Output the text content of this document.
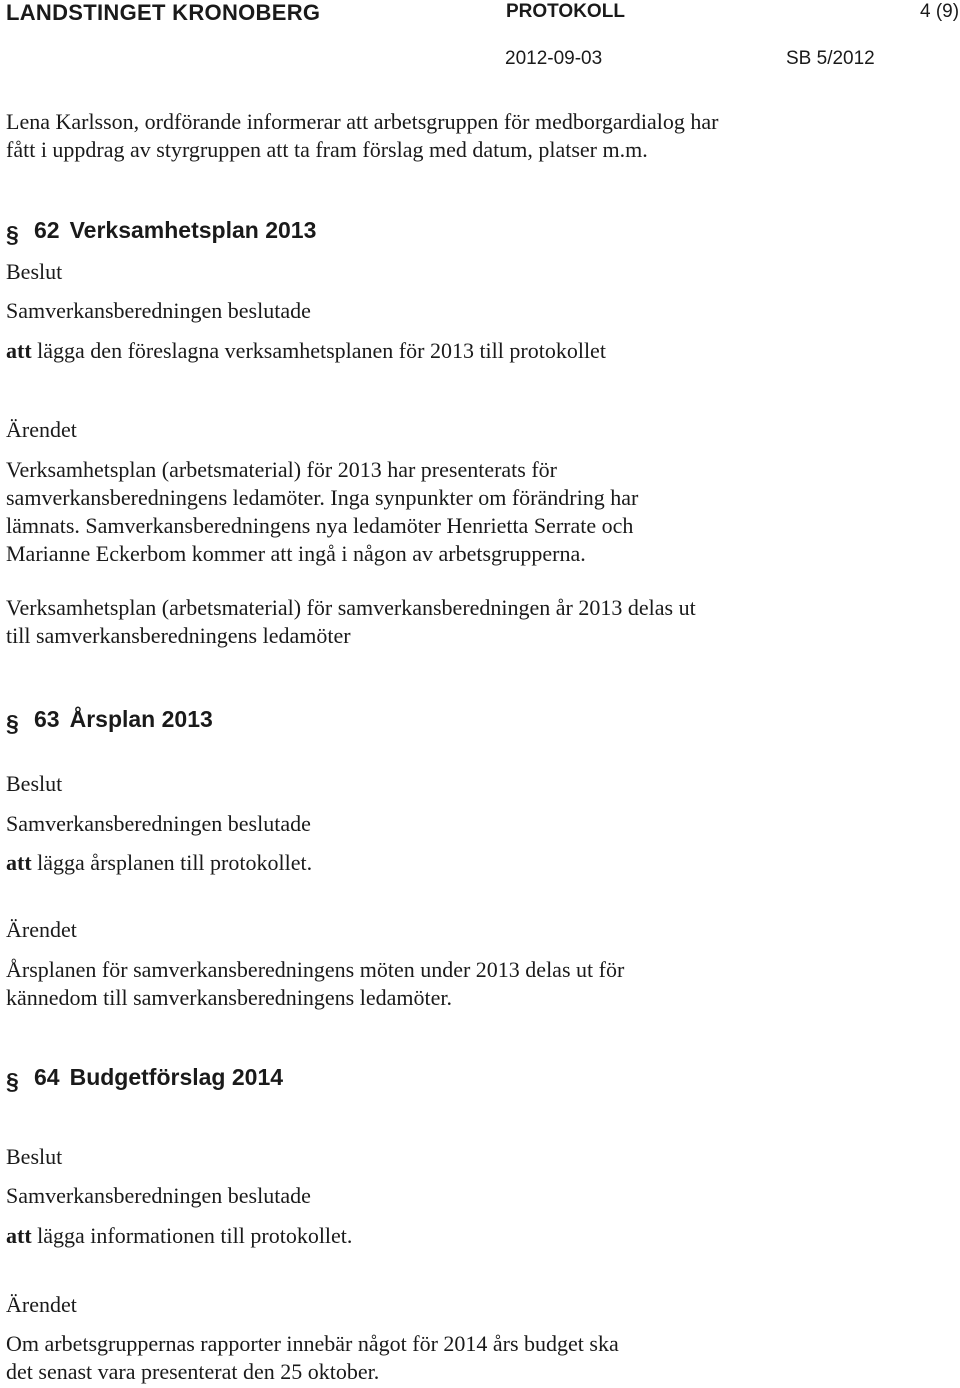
LANDSTINGET KRONOBERG	PROTOKOLL	4 (9)
2012-09-03	SB 5/2012
Lena Karlsson, ordförande informerar att arbetsgruppen för medborgardialog har
fått i uppdrag av styrgruppen att ta fram förslag med datum, platser m.m.
§ 62 Verksamhetsplan 2013
Beslut
Samverkansberedningen beslutade
att lägga den föreslagna verksamhetsplanen för 2013 till protokollet
Ärendet
Verksamhetsplan (arbetsmaterial) för 2013 har presenterats för
samverkansberedningens ledamöter. Inga synpunkter om förändring har
lämnats. Samverkansberedningens nya ledamöter Henrietta Serrate och
Marianne Eckerbom kommer att ingå i någon av arbetsgrupperna.
Verksamhetsplan (arbetsmaterial) för samverkansberedningen år 2013 delas ut
till samverkansberedningens ledamöter
§ 63 Årsplan 2013
Beslut
Samverkansberedningen beslutade
att lägga årsplanen till protokollet.
Ärendet
Årsplanen för samverkansberedningens möten under 2013 delas ut för
kännedom till samverkansberedningens ledamöter.
§ 64 Budgetförslag 2014
Beslut
Samverkansberedningen beslutade
att lägga informationen till protokollet.
Ärendet
Om arbetsgruppernas rapporter innebär något för 2014 års budget ska
det senast vara presenterat den 25 oktober.
